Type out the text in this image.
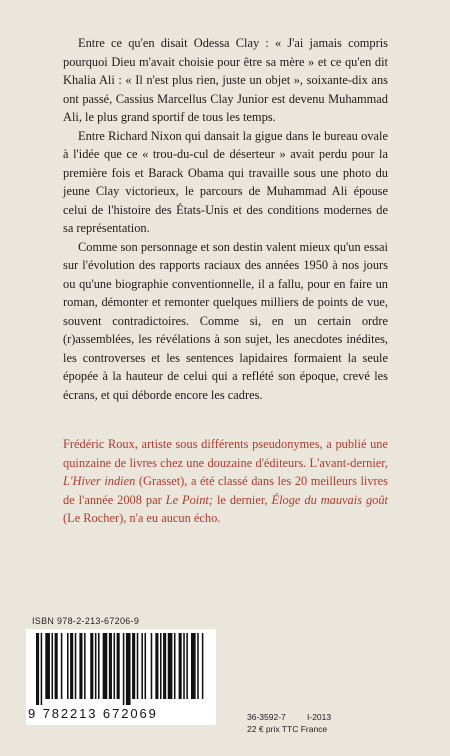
Entre ce qu'en disait Odessa Clay : « J'ai jamais compris pourquoi Dieu m'avait choisie pour être sa mère » et ce qu'en dit Khalia Ali : « Il n'est plus rien, juste un objet », soixante-dix ans ont passé, Cassius Marcellus Clay Junior est devenu Muhammad Ali, le plus grand sportif de tous les temps.

Entre Richard Nixon qui dansait la gigue dans le bureau ovale à l'idée que ce « trou-du-cul de déserteur » avait perdu pour la première fois et Barack Obama qui travaille sous une photo du jeune Clay victorieux, le parcours de Muhammad Ali épouse celui de l'histoire des États-Unis et des conditions modernes de sa représentation.

Comme son personnage et son destin valent mieux qu'un essai sur l'évolution des rapports raciaux des années 1950 à nos jours ou qu'une biographie conventionnelle, il a fallu, pour en faire un roman, démonter et remonter quelques milliers de points de vue, souvent contradictoires. Comme si, en un certain ordre (r)assemblées, les révélations à son sujet, les anecdotes inédites, les controverses et les sentences lapidaires formaient la seule épopée à la hauteur de celui qui a reflété son époque, crevé les écrans, et qui déborde encore les cadres.

Frédéric Roux, artiste sous différents pseudonymes, a publié une quinzaine de livres chez une douzaine d'éditeurs. L'avant-dernier, L'Hiver indien (Grasset), a été classé dans les 20 meilleurs livres de l'année 2008 par Le Point; le dernier, Éloge du mauvais goût (Le Rocher), n'a eu aucun écho.

ISBN 978-2-213-67206-9
9 782213 672069	36-3592-7 I-2013
22 € prix TTC France
